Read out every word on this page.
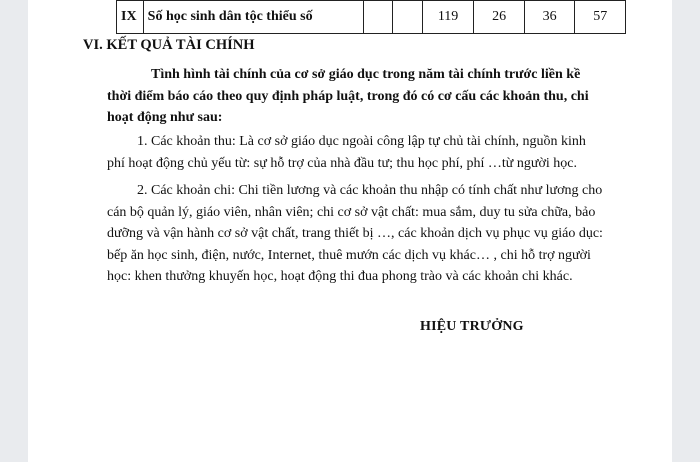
IX	Số học sinh dân tộc thiểu số			119	26	36	57
VI. KẾT QUẢ TÀI CHÍNH
Tình hình tài chính của cơ sở giáo dục trong năm tài chính trước liền kề thời điểm báo cáo theo quy định pháp luật, trong đó có cơ cấu các khoản thu, chi hoạt động như sau:
1. Các khoản thu: Là cơ sở giáo dục ngoài công lập tự chủ tài chính, nguồn kinh phí hoạt động chủ yếu từ: sự hỗ trợ của nhà đầu tư; thu học phí, phí …từ người học.
2. Các khoản chi: Chi tiền lương và các khoản thu nhập có tính chất như lương cho cán bộ quản lý, giáo viên, nhân viên; chi cơ sở vật chất: mua sắm, duy tu sửa chữa, bảo dưỡng và vận hành cơ sở vật chất, trang thiết bị …, các khoản dịch vụ phục vụ giáo dục: bếp ăn học sinh, điện, nước, Internet, thuê mướn các dịch vụ khác… , chi hỗ trợ người học: khen thưởng khuyến học, hoạt động thi đua phong trào và các khoản chi khác.
HIỆU TRƯỞNG
